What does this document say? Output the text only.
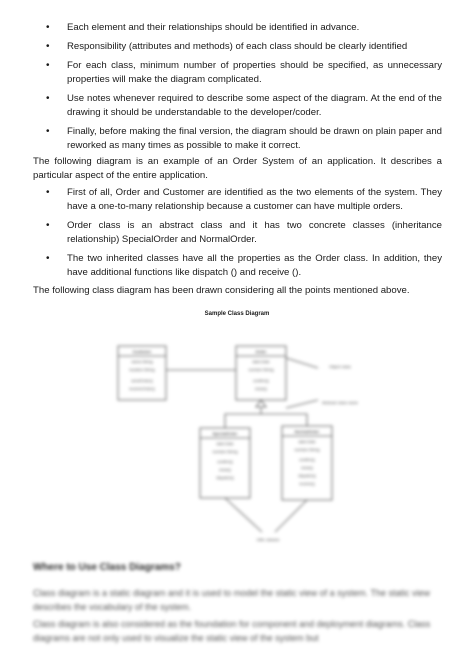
• Each element and their relationships should be identified in advance.
• Responsibility (attributes and methods) of each class should be clearly identified
• For each class, minimum number of properties should be specified, as unnecessary properties will make the diagram complicated.
• Use notes whenever required to describe some aspect of the diagram. At the end of the drawing it should be understandable to the developer/coder.
• Finally, before making the final version, the diagram should be drawn on plain paper and reworked as many times as possible to make it correct.

The following diagram is an example of an Order System of an application. It describes a particular aspect of the entire application.

• First of all, Order and Customer are identified as the two elements of the system. They have a one-to-many relationship because a customer can have multiple orders.
• Order class is an abstract class and it has two concrete classes (inheritance relationship) SpecialOrder and NormalOrder.
• The two inherited classes have all the properties as the Order class. In addition, they have additional functions like dispatch () and receive ().

The following class diagram has been drawn considering all the points mentioned above.

Sample Class Diagram
Customer
name:String
location:String
sendOrder()
receiveOrder()
Order
date:Date
number:String
confirm()
close()
SpecialOrder
date:Date
number:String
confirm()
close()
dispatch()
NormalOrder
date:Date
number:String
confirm()
close()
dispatch()
receive()
Object class
Abstract class name
UML classes
Where to Use Class Diagrams?

Class diagram is a static diagram and it is used to model the static view of a system. The static view describes the vocabulary of the system.

Class diagram is also considered as the foundation for component and deployment diagrams. Class diagrams are not only used to visualize the static view of the system but
